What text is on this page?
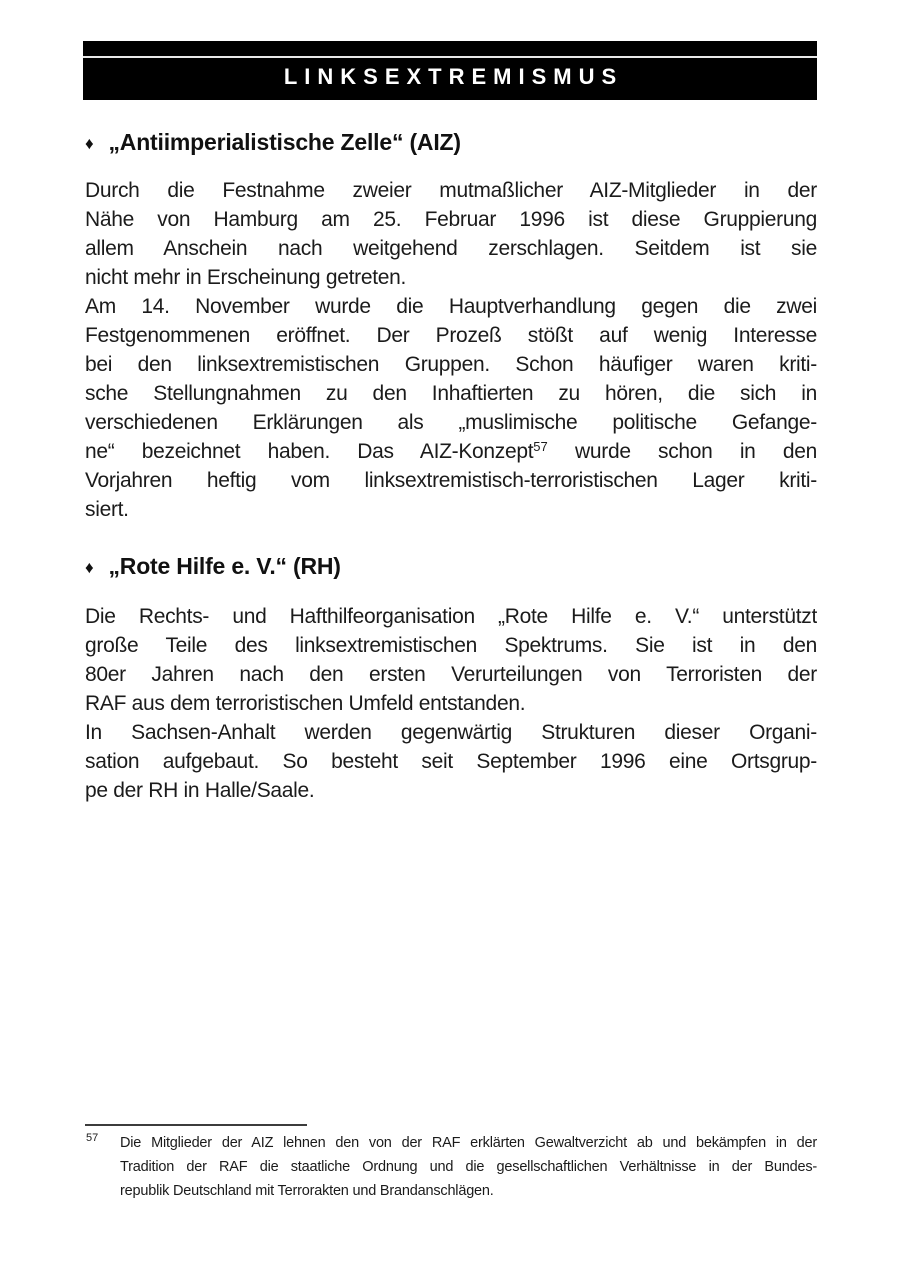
LINKSEXTREMISMUS
♦ „Antiimperialistische Zelle“ (AIZ)
Durch die Festnahme zweier mutmaßlicher AIZ-Mitglieder in der
Nähe von Hamburg am 25. Februar 1996 ist diese Gruppierung
allem Anschein nach weitgehend zerschlagen. Seitdem ist sie
nicht mehr in Erscheinung getreten.
Am 14. November wurde die Hauptverhandlung gegen die zwei
Festgenommenen eröffnet. Der Prozeß stößt auf wenig Interesse
bei den linksextremistischen Gruppen. Schon häufiger waren kriti-
sche Stellungnahmen zu den Inhaftierten zu hören, die sich in
verschiedenen Erklärungen als „muslimische politische Gefange-
ne“ bezeichnet haben. Das AIZ-Konzept$^{57}$ wurde schon in den
Vorjahren heftig vom linksextremistisch-terroristischen Lager kriti-
siert.
♦ „Rote Hilfe e. V.“ (RH)
Die Rechts- und Hafthilfeorganisation „Rote Hilfe e. V.“ unterstützt
große Teile des linksextremistischen Spektrums. Sie ist in den
80er Jahren nach den ersten Verurteilungen von Terroristen der
RAF aus dem terroristischen Umfeld entstanden.
In Sachsen-Anhalt werden gegenwärtig Strukturen dieser Organi-
sation aufgebaut. So besteht seit September 1996 eine Ortsgrup-
pe der RH in Halle/Saale.
57 Die Mitglieder der AIZ lehnen den von der RAF erklärten Gewaltverzicht ab und bekämpfen in der
Tradition der RAF die staatliche Ordnung und die gesellschaftlichen Verhältnisse in der Bundes-
republik Deutschland mit Terrorakten und Brandanschlägen.
